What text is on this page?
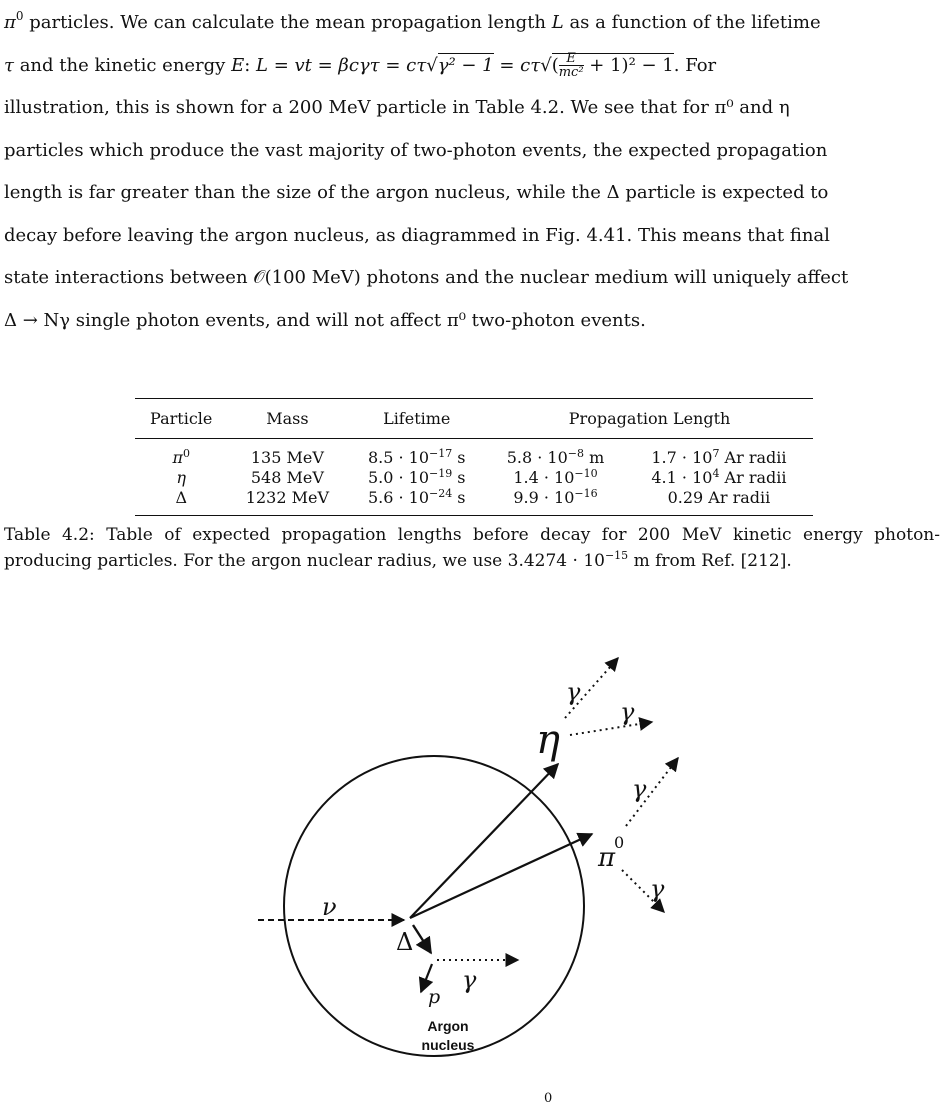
$\pi^0$ particles. We can calculate the mean propagation length L as a function of the lifetime
τ and the kinetic energy E: L = vt = $\beta c\gamma\tau = c\tau√\gamma^2 - 1 = c\tau√( \frac{E}{\text{mc²}} + 1)^2 - 1$. For
illustration, this is shown for a 200 MeV particle in Table 4.2. We see that for π⁰ and η
particles which produce the vast majority of two-photon events, the expected propagation
length is far greater than the size of the argon nucleus, while the Δ particle is expected to
decay before leaving the argon nucleus, as diagrammed in Fig. 4.41. This means that final
state interactions between 𝒪(100 MeV) photons and the nuclear medium will uniquely affect
Δ → Nγ single photon events, and will not affect π⁰ two-photon events.

Particle	Mass	Lifetime	Propagation Length	
$\pi^0$	135 MeV	$8.5 \cdot 10^{-17}$ s	$5.8 \cdot 10^{-8}$ m	$1.7 \cdot 10^7$ Ar radii
η	548 MeV	$5.0 \cdot 10^{-19}$ s	$1.4 \cdot 10^{-10}$	$4.1 \cdot 10^4$ Ar radii
Δ	1232 MeV	$5.6 \cdot 10^{-24}$ s	$9.9 \cdot 10^{-16}$	0.29 Ar radii

Table 4.2: Table of expected propagation lengths before decay for 200 MeV kinetic energy photon-producing particles. For the argon nuclear radius, we use $3.4274 \cdot 10^{-15}$ m from Ref. [212].

ν
Δ
η
γ
γ
π
0
γ
γ
γ
p
Argon
nucleus
0
